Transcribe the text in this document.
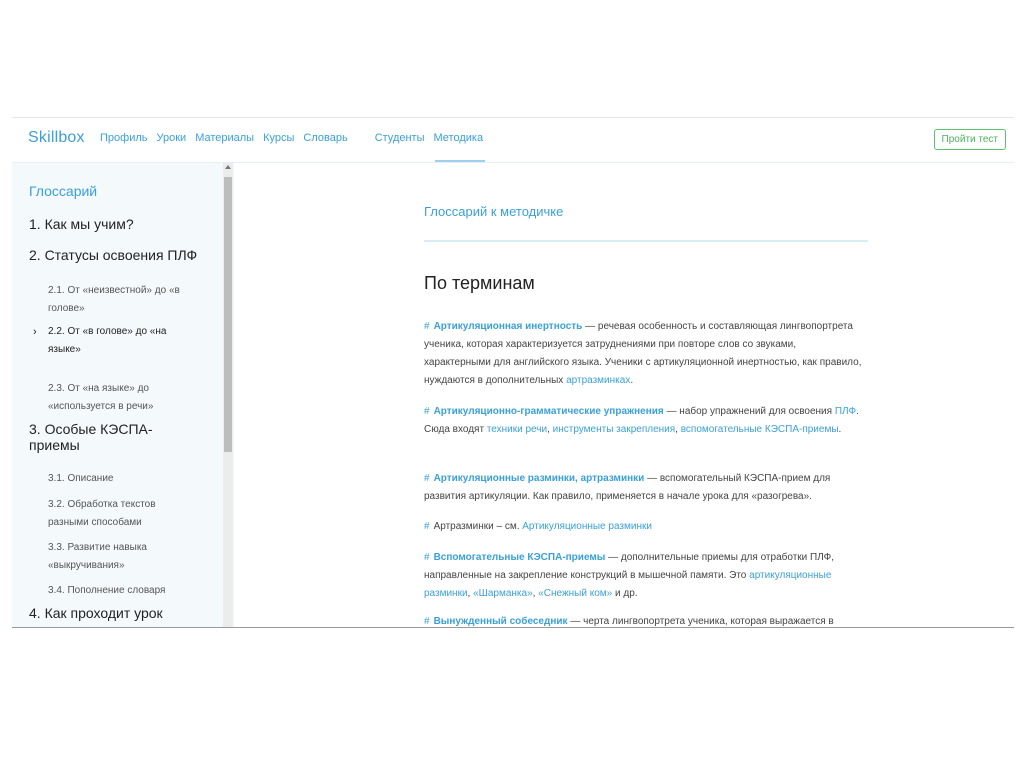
Skillbox Профиль Уроки Материалы Курсы Словарь Студенты Методика	Пройти тест
Глоссарий
1. Как мы учим?
2. Статусы освоения ПЛФ
2.1. От «неизвестной» до «в голове»
› 2.2. От «в голове» до «на языке»
2.3. От «на языке» до «используется в речи»
3. Особые КЭСПА-приемы
3.1. Описание
3.2. Обработка текстов разными способами
3.3. Развитие навыка «выкручивания»
3.4. Пополнение словаря
4. Как проходит урок
Глоссарий к методичке
По терминам
# Артикуляционная инертность — речевая особенность и составляющая лингвопортрета ученика, которая характеризуется затруднениями при повторе слов со звуками, характерными для английского языка. Ученики с артикуляционной инертностью, как правило, нуждаются в дополнительных артразминках.
# Артикуляционно-грамматические упражнения — набор упражнений для освоения ПЛФ. Сюда входят техники речи, инструменты закрепления, вспомогательные КЭСПА-приемы.
# Артикуляционные разминки, артразминки — вспомогательный КЭСПА-прием для развития артикуляции. Как правило, применяется в начале урока для «разогрева».
# Артразминки – см. Артикуляционные разминки
# Вспомогательные КЭСПА-приемы — дополнительные приемы для отработки ПЛФ, направленные на закрепление конструкций в мышечной памяти. Это артикуляционные разминки, «Шарманка», «Снежный ком» и др.
# Вынужденный собеседник — черта лингвопортрета ученика, которая выражается в
